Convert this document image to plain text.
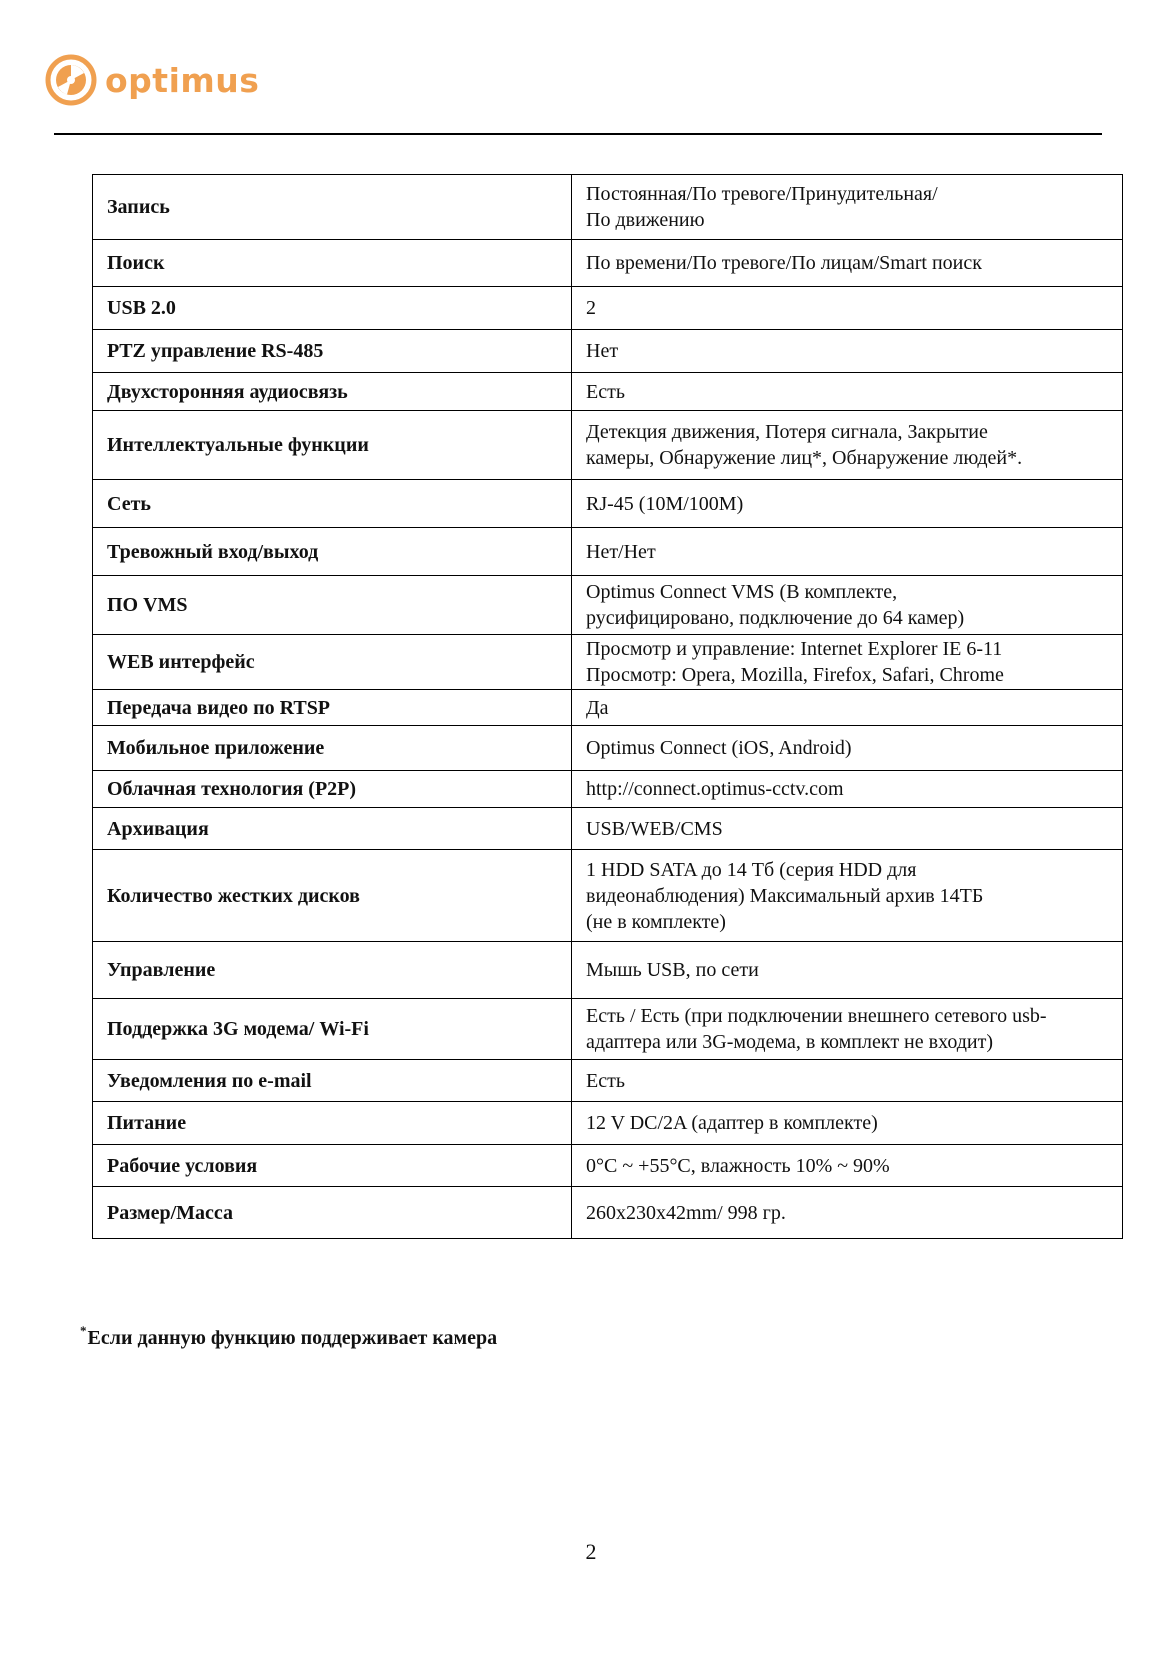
optimus
Запись	Постоянная/По тревоге/Принудительная/
По движению
Поиск	По времени/По тревоге/По лицам/Smart поиск
USB 2.0	2
PTZ управление RS-485	Нет
Двухсторонняя аудиосвязь	Есть
Интеллектуальные функции	Детекция движения, Потеря сигнала, Закрытие
камеры, Обнаружение лиц*, Обнаружение людей*.
Сеть	RJ-45 (10M/100M)
Тревожный вход/выход	Нет/Нет
ПО VMS	Optimus Connect VMS (В комплекте,
русифицировано, подключение до 64 камер)
WEB интерфейс	Просмотр и управление: Internet Explorer IE 6-11
Просмотр: Opera, Mozilla, Firefox, Safari, Chrome
Передача видео по RTSP	Да
Мобильное приложение	Optimus Connect (iOS, Android)
Облачная технология (P2P)	http://connect.optimus-cctv.com
Архивация	USB/WEB/CMS
Количество жестких дисков	1 HDD SATA до 14 Тб (серия HDD для
видеонаблюдения) Максимальный архив 14ТБ
(не в комплекте)
Управление	Мышь USB, по сети
Поддержка 3G модема/ Wi-Fi	Есть / Есть (при подключении внешнего сетевого usb-
адаптера или 3G-модема, в комплект не входит)
Уведомления по e-mail	Есть
Питание	12 V DC/2A (адаптер в комплекте)
Рабочие условия	0°C ~ +55°C, влажность 10% ~ 90%
Размер/Масса	260x230x42mm/ 998 гр.
*Если данную функцию поддерживает камера
2
